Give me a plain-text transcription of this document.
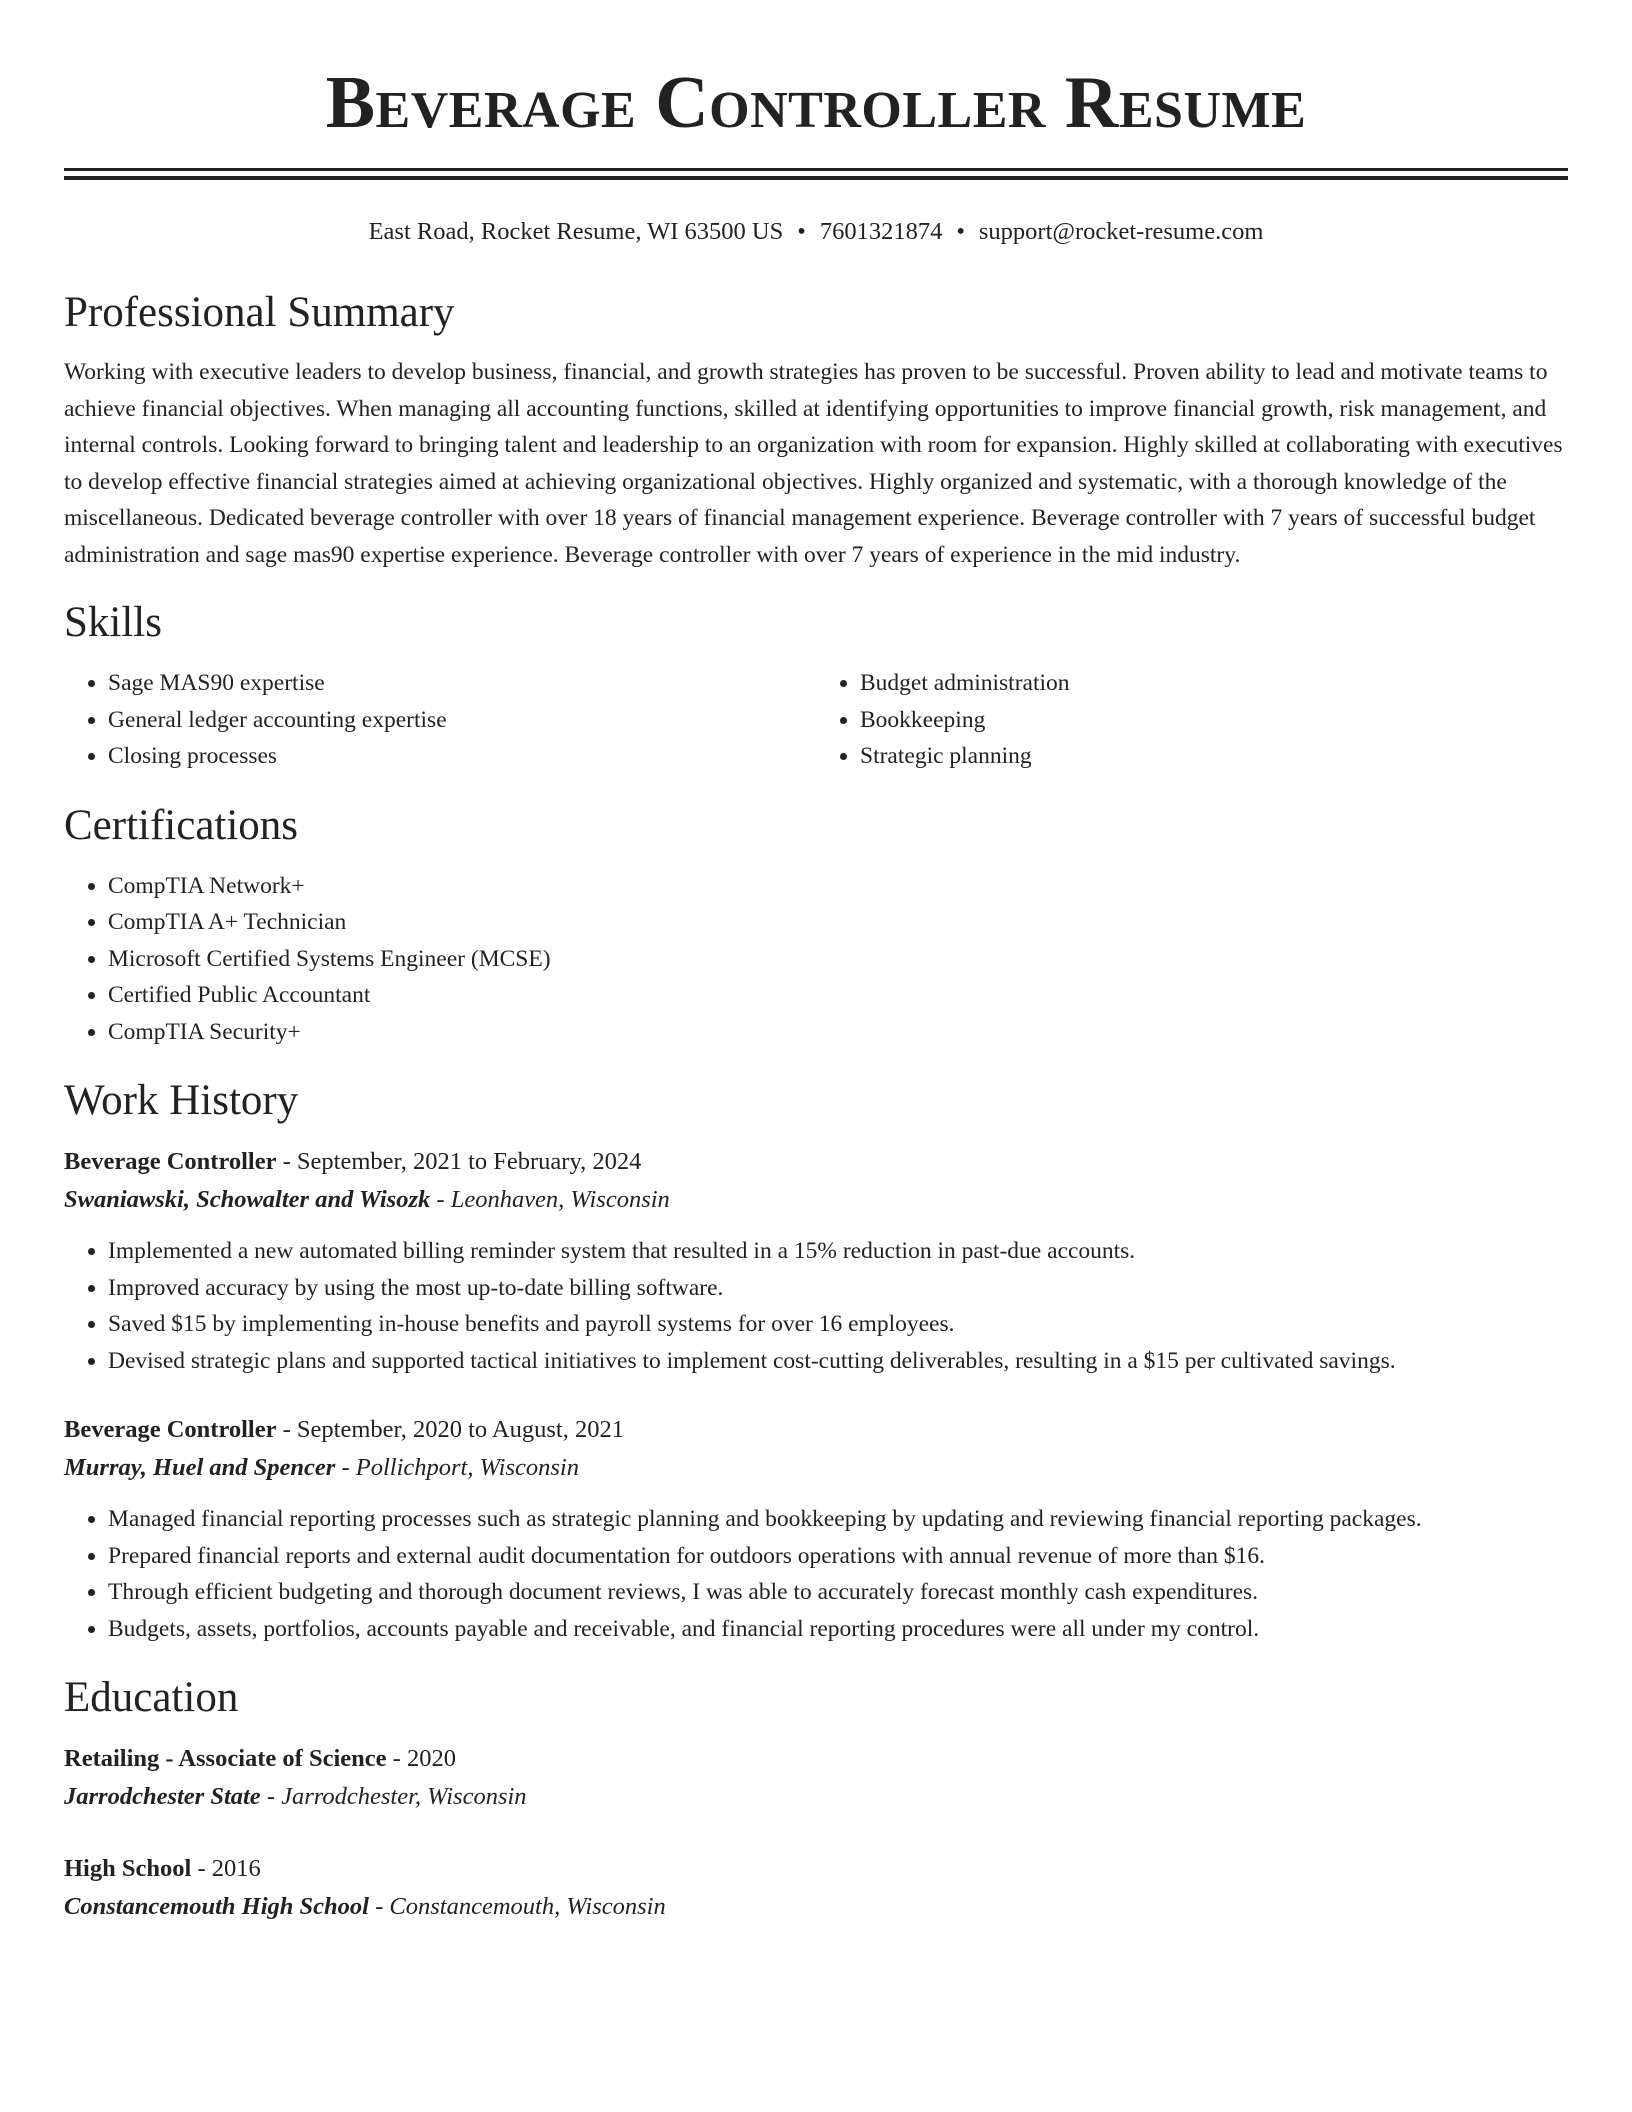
Beverage Controller Resume
East Road, Rocket Resume, WI 63500 US • 7601321874 • support@rocket-resume.com
Professional Summary

Working with executive leaders to develop business, financial, and growth strategies has proven to be successful. Proven ability to lead and motivate teams to achieve financial objectives. When managing all accounting functions, skilled at identifying opportunities to improve financial growth, risk management, and internal controls. Looking forward to bringing talent and leadership to an organization with room for expansion. Highly skilled at collaborating with executives to develop effective financial strategies aimed at achieving organizational objectives. Highly organized and systematic, with a thorough knowledge of the miscellaneous. Dedicated beverage controller with over 18 years of financial management experience. Beverage controller with 7 years of successful budget administration and sage mas90 expertise experience. Beverage controller with over 7 years of experience in the mid industry.

Skills
• Sage MAS90 expertise
• General ledger accounting expertise
• Closing processes
• Budget administration
• Bookkeeping
• Strategic planning
Certifications
• CompTIA Network+
• CompTIA A+ Technician
• Microsoft Certified Systems Engineer (MCSE)
• Certified Public Accountant
• CompTIA Security+
Work History
Beverage Controller - September, 2021 to February, 2024
Swaniawski, Schowalter and Wisozk - Leonhaven, Wisconsin
• Implemented a new automated billing reminder system that resulted in a 15% reduction in past-due accounts.
• Improved accuracy by using the most up-to-date billing software.
• Saved $15 by implementing in-house benefits and payroll systems for over 16 employees.
• Devised strategic plans and supported tactical initiatives to implement cost-cutting deliverables, resulting in a $15 per cultivated savings.
Beverage Controller - September, 2020 to August, 2021
Murray, Huel and Spencer - Pollichport, Wisconsin
• Managed financial reporting processes such as strategic planning and bookkeeping by updating and reviewing financial reporting packages.
• Prepared financial reports and external audit documentation for outdoors operations with annual revenue of more than $16.
• Through efficient budgeting and thorough document reviews, I was able to accurately forecast monthly cash expenditures.
• Budgets, assets, portfolios, accounts payable and receivable, and financial reporting procedures were all under my control.
Education
Retailing - Associate of Science - 2020
Jarrodchester State - Jarrodchester, Wisconsin
High School - 2016
Constancemouth High School - Constancemouth, Wisconsin
